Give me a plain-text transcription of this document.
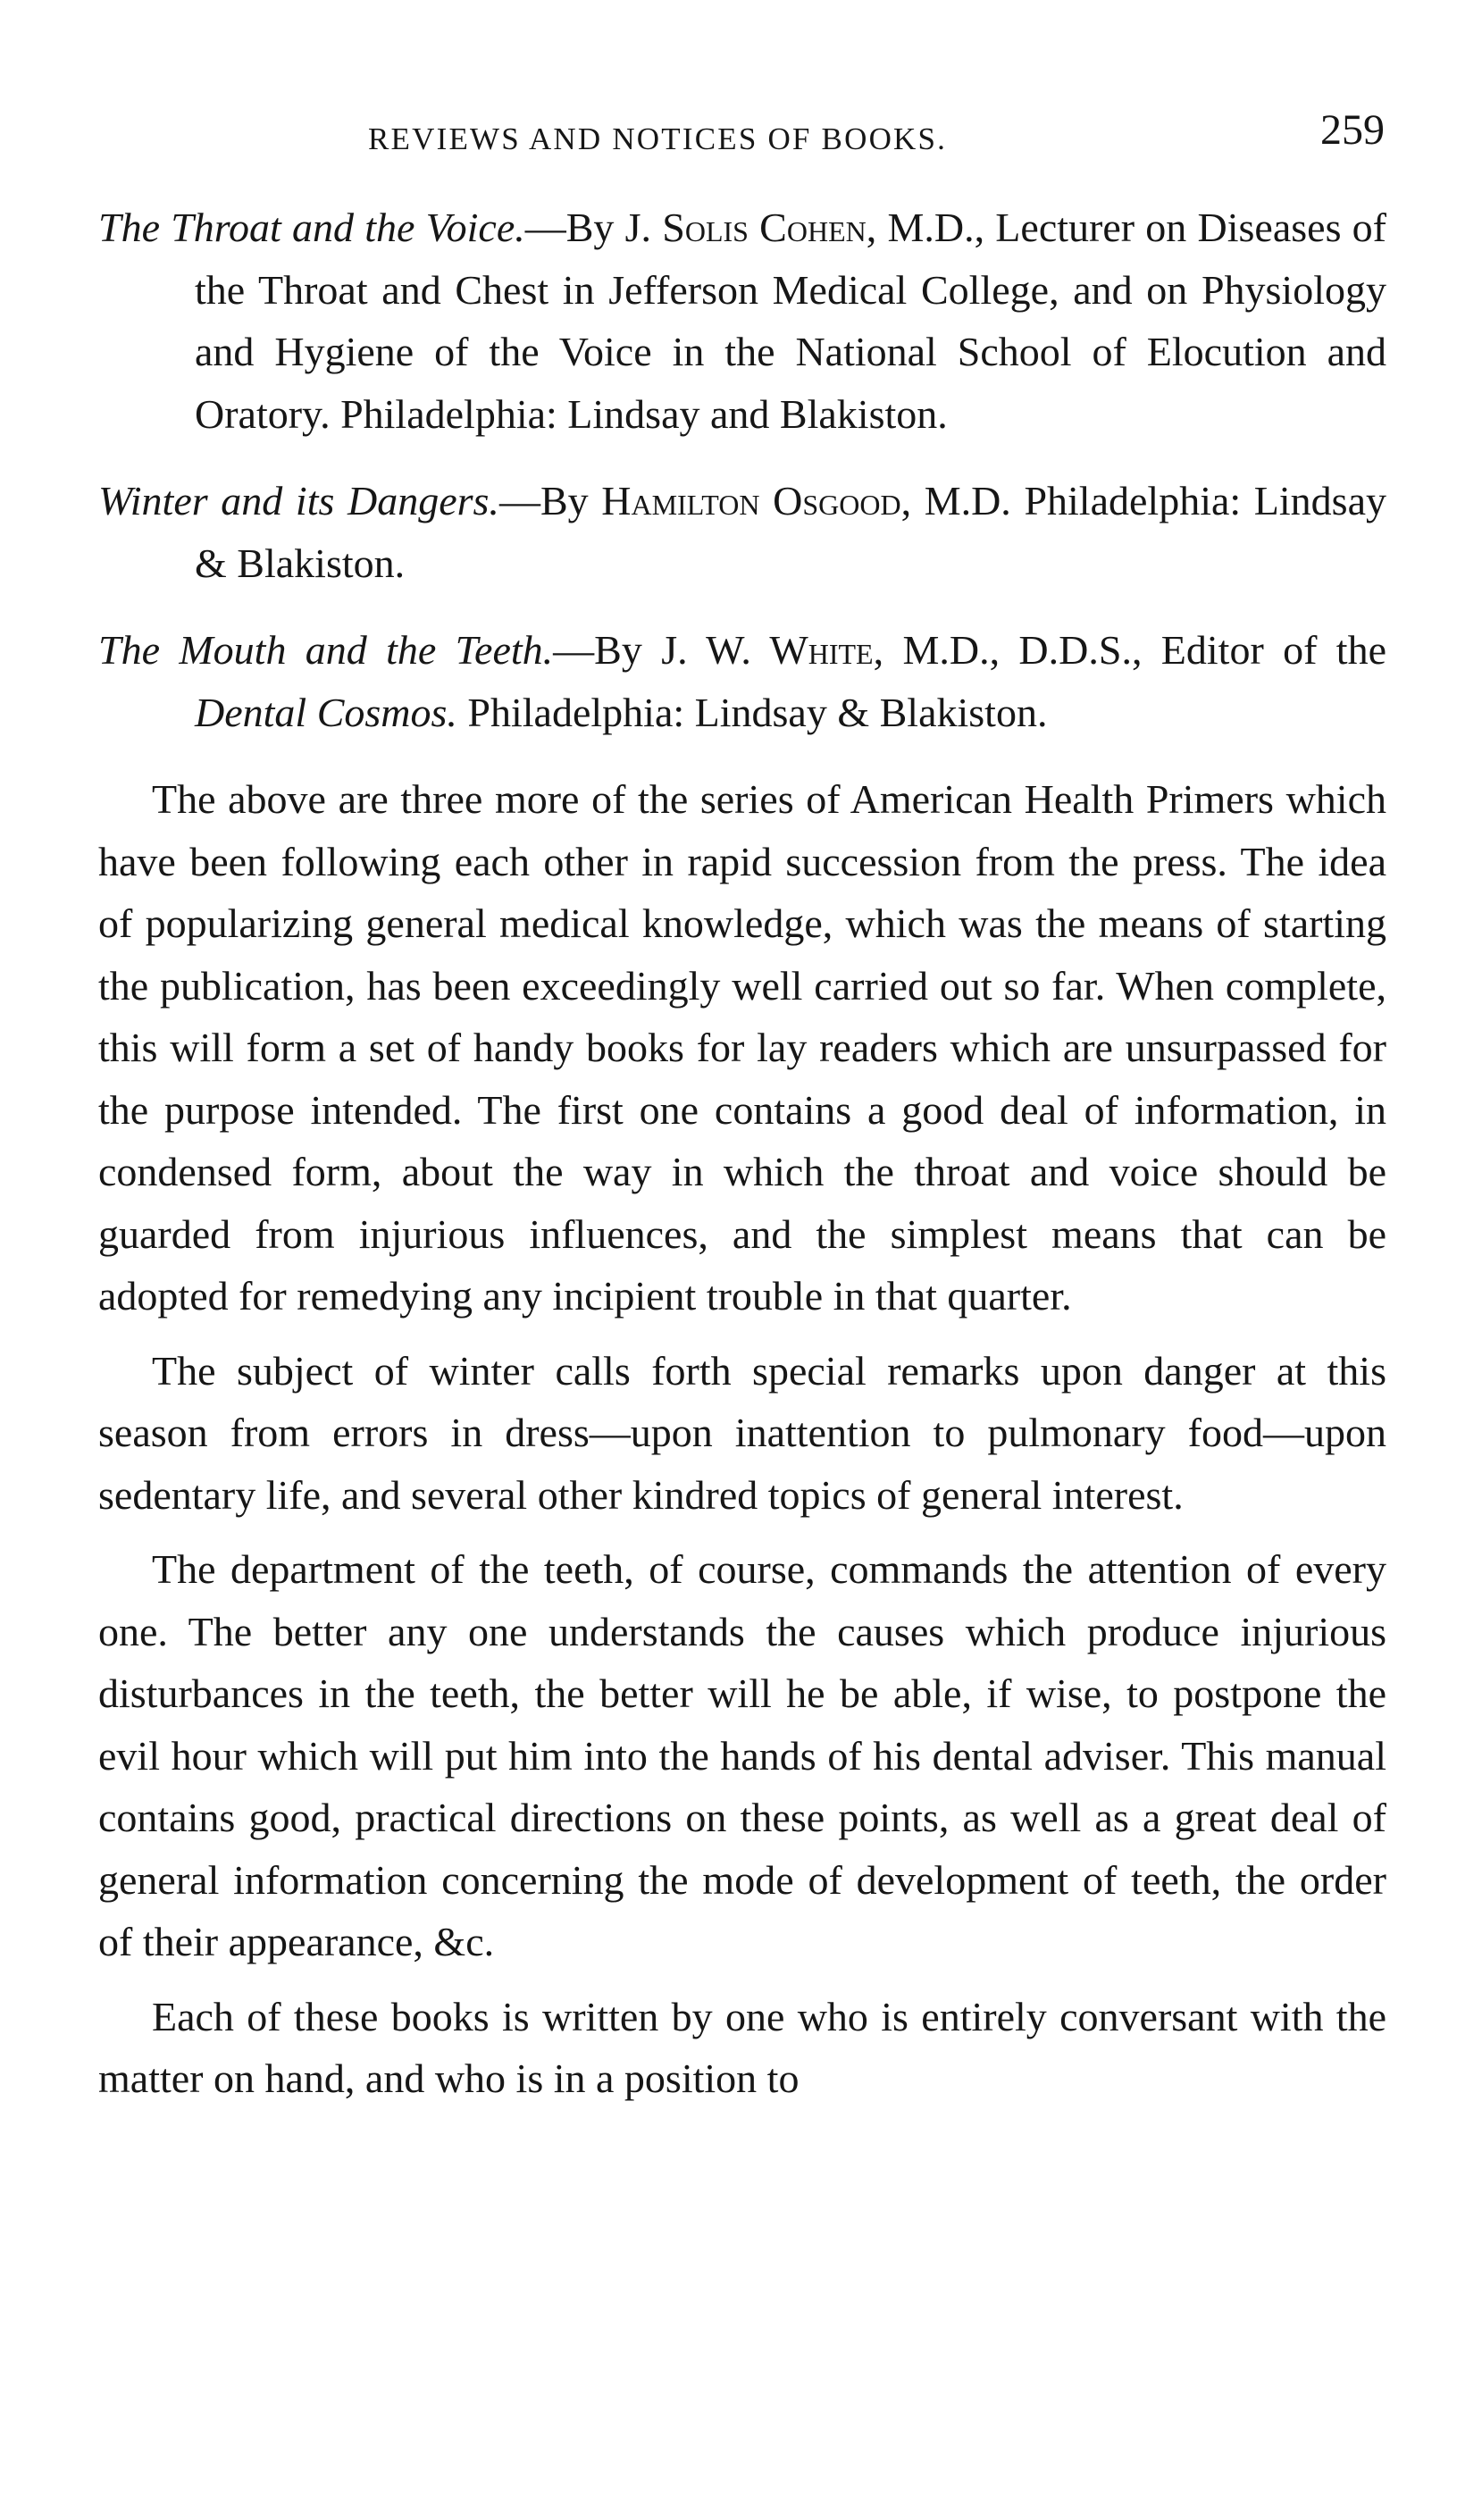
REVIEWS AND NOTICES OF BOOKS.	259

The Throat and the Voice.—By J. Solis Cohen, M.D., Lecturer on Diseases of the Throat and Chest in Jefferson Medical College, and on Physiology and Hygiene of the Voice in the National School of Elocution and Oratory. Philadelphia: Lindsay and Blakiston.

Winter and its Dangers.—By Hamilton Osgood, M.D. Philadelphia: Lindsay & Blakiston.

The Mouth and the Teeth.—By J. W. White, M.D., D.D.S., Editor of the Dental Cosmos. Philadelphia: Lindsay & Blakiston.

The above are three more of the series of American Health Primers which have been following each other in rapid succession from the press. The idea of popularizing general medical knowledge, which was the means of starting the publication, has been exceedingly well carried out so far. When complete, this will form a set of handy books for lay readers which are unsurpassed for the purpose intended. The first one contains a good deal of information, in condensed form, about the way in which the throat and voice should be guarded from injurious influences, and the simplest means that can be adopted for remedying any incipient trouble in that quarter.

The subject of winter calls forth special remarks upon danger at this season from errors in dress—upon inattention to pulmonary food—upon sedentary life, and several other kindred topics of general interest.

The department of the teeth, of course, commands the attention of every one. The better any one understands the causes which produce injurious disturbances in the teeth, the better will he be able, if wise, to postpone the evil hour which will put him into the hands of his dental adviser. This manual contains good, practical directions on these points, as well as a great deal of general information concerning the mode of development of teeth, the order of their appearance, &c.

Each of these books is written by one who is entirely conversant with the matter on hand, and who is in a position to
